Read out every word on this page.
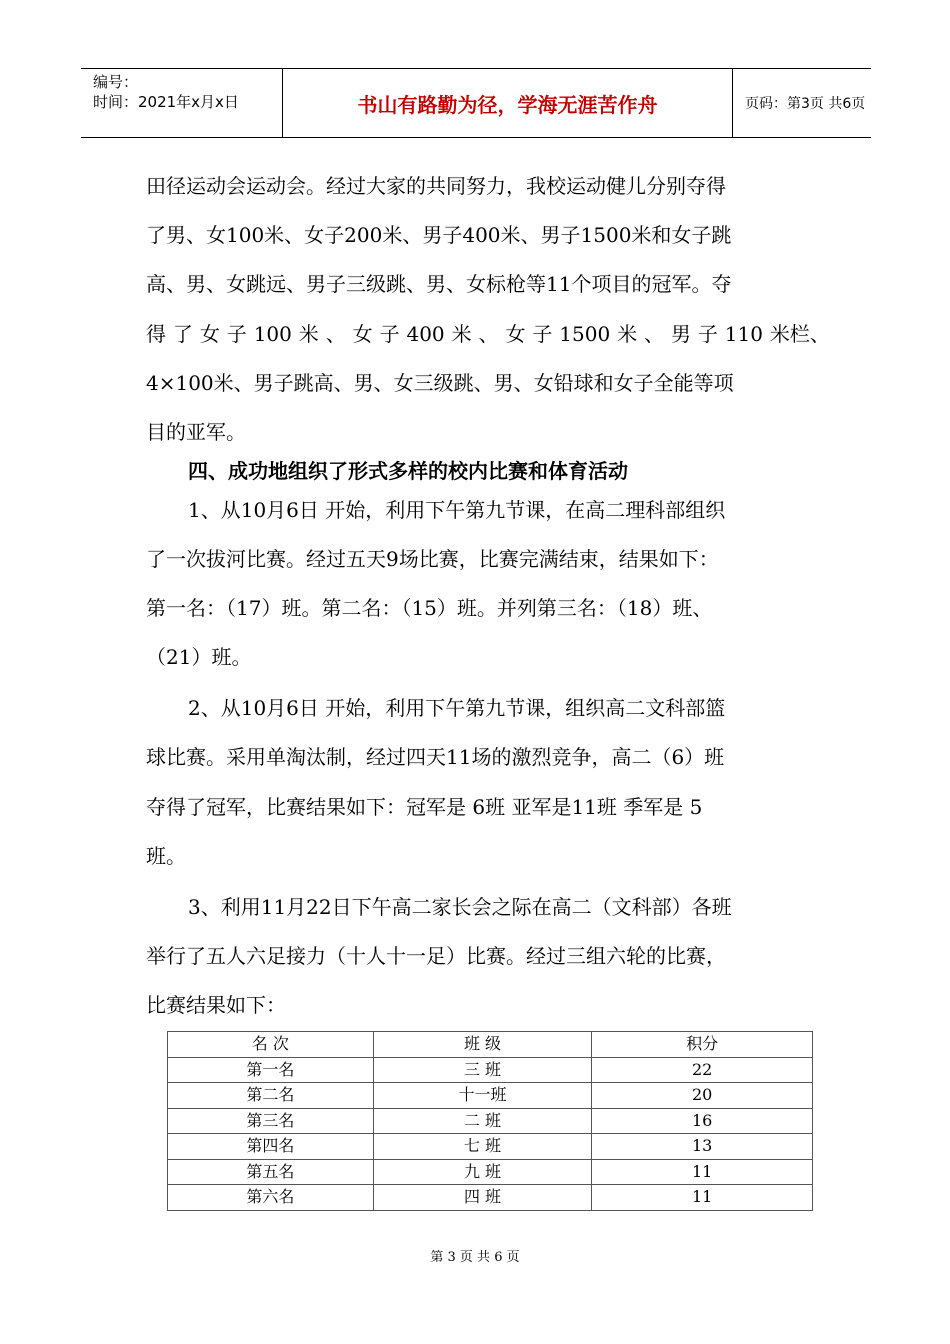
编号：
时间：2021年x月x日	书山有路勤为径，学海无涯苦作舟	页码：第3页 共6页
田径运动会运动会。经过大家的共同努力，我校运动健儿分别夺得
了男、女100米、女子200米、男子400米、男子1500米和女子跳
高、男、女跳远、男子三级跳、男、女标枪等11个项目的冠军。夺
得 了 女 子 100 米 、 女 子 400 米 、 女 子 1500 米 、 男 子 110 米栏、
4×100米、男子跳高、男、女三级跳、男、女铅球和女子全能等项
目的亚军。
四、成功地组织了形式多样的校内比赛和体育活动
1、从10月6日 开始，利用下午第九节课，在高二理科部组织
了一次拔河比赛。经过五天9场比赛，比赛完满结束，结果如下：
第一名：（17）班。第二名：（15）班。并列第三名：（18）班、
（21）班。
2、从10月6日 开始，利用下午第九节课，组织高二文科部篮
球比赛。采用单淘汰制，经过四天11场的激烈竞争，高二（6）班
夺得了冠军，比赛结果如下：冠军是 6班 亚军是11班 季军是 5
班。
3、利用11月22日下午高二家长会之际在高二（文科部）各班
举行了五人六足接力（十人十一足）比赛。经过三组六轮的比赛，
比赛结果如下：
名 次	班 级	积分
第一名	三 班	22
第二名	十一班	20
第三名	二 班	16
第四名	七 班	13
第五名	九 班	11
第六名	四 班	11
第 3 页 共 6 页
